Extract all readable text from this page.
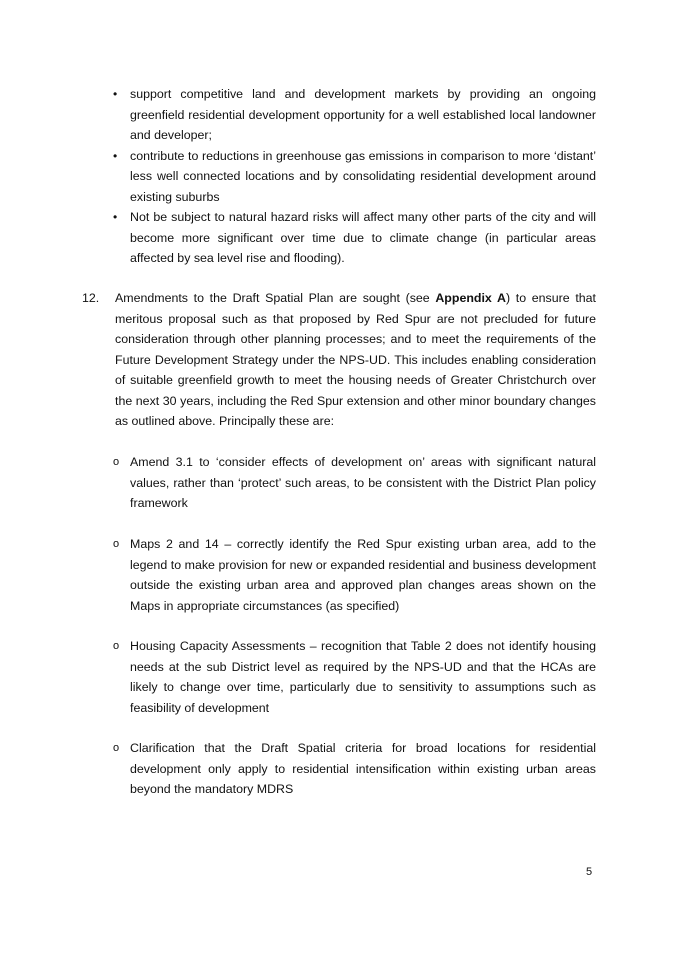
• support competitive land and development markets by providing an ongoing greenfield residential development opportunity for a well established local landowner and developer;
• contribute to reductions in greenhouse gas emissions in comparison to more ‘distant’ less well connected locations and by consolidating residential development around existing suburbs
• Not be subject to natural hazard risks will affect many other parts of the city and will become more significant over time due to climate change (in particular areas affected by sea level rise and flooding).
12. Amendments to the Draft Spatial Plan are sought (see Appendix A) to ensure that meritous proposal such as that proposed by Red Spur are not precluded for future consideration through other planning processes; and to meet the requirements of the Future Development Strategy under the NPS-UD. This includes enabling consideration of suitable greenfield growth to meet the housing needs of Greater Christchurch over the next 30 years, including the Red Spur extension and other minor boundary changes as outlined above. Principally these are:
o Amend 3.1 to ‘consider effects of development on’ areas with significant natural values, rather than ‘protect’ such areas, to be consistent with the District Plan policy framework
o Maps 2 and 14 – correctly identify the Red Spur existing urban area, add to the legend to make provision for new or expanded residential and business development outside the existing urban area and approved plan changes areas shown on the Maps in appropriate circumstances (as specified)
o Housing Capacity Assessments – recognition that Table 2 does not identify housing needs at the sub District level as required by the NPS-UD and that the HCAs are likely to change over time, particularly due to sensitivity to assumptions such as feasibility of development
o Clarification that the Draft Spatial criteria for broad locations for residential development only apply to residential intensification within existing urban areas beyond the mandatory MDRS
5
